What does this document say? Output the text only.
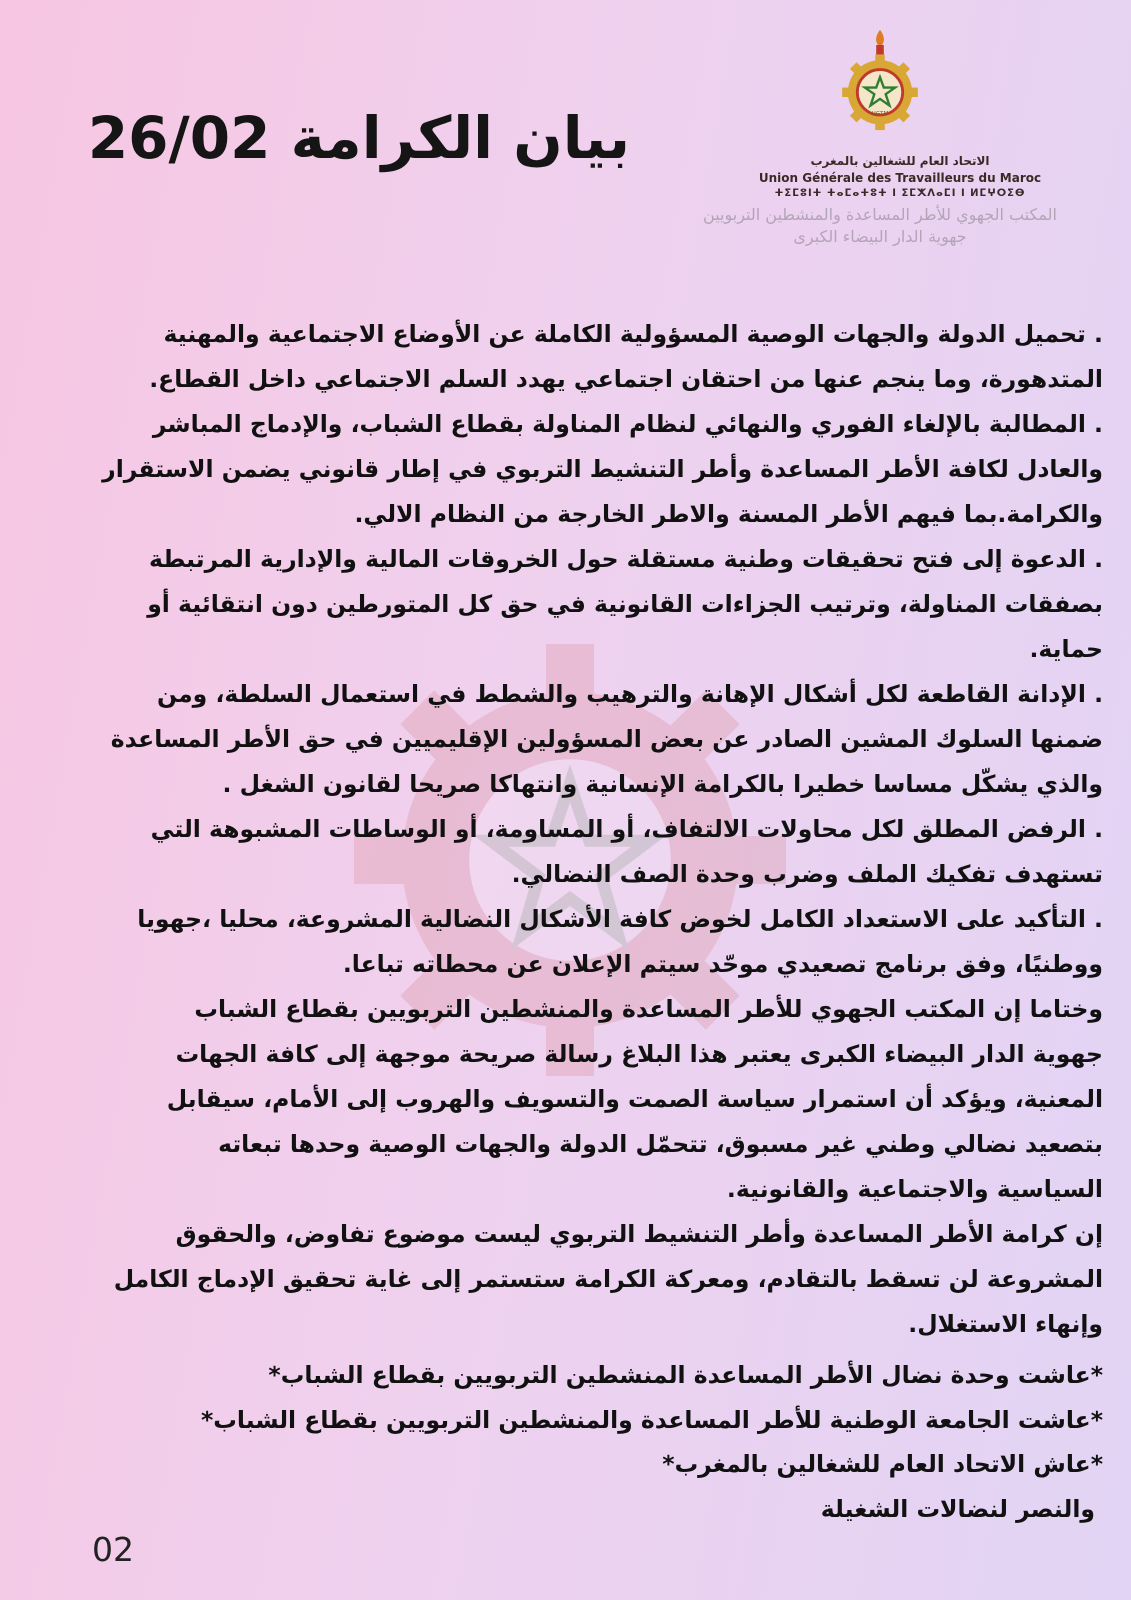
بيان الكرامة 26/02	UGTM
الاتحاد العام للشغالين بالمغرب
Union Générale des Travailleurs du Maroc
ⵜⵉⵎⵓⵏⵜ ⵜⴰⵎⴰⵜⵓⵜ ⵏ ⵉⵎⵅⴷⴰⵎⵏ ⵏ ⵍⵎⵖⵔⵉⴱ
المكتب الجهوي للأطر المساعدة والمنشطين التربويين
جهوية الدار البيضاء الكبرى

. تحميل الدولة والجهات الوصية المسؤولية الكاملة عن الأوضاع الاجتماعية والمهنية
المتدهورة، وما ينجم عنها من احتقان اجتماعي يهدد السلم الاجتماعي داخل القطاع.

. المطالبة بالإلغاء الفوري والنهائي لنظام المناولة بقطاع الشباب، والإدماج المباشر
والعادل لكافة الأطر المساعدة وأطر التنشيط التربوي في إطار قانوني يضمن الاستقرار
والكرامة.بما فيهم الأطر المسنة والاطر الخارجة من النظام الالي.

. الدعوة إلى فتح تحقيقات وطنية مستقلة حول الخروقات المالية والإدارية المرتبطة
بصفقات المناولة، وترتيب الجزاءات القانونية في حق كل المتورطين دون انتقائية أو
حماية.

. الإدانة القاطعة لكل أشكال الإهانة والترهيب والشطط في استعمال السلطة، ومن
ضمنها السلوك المشين الصادر عن بعض المسؤولين الإقليميين في حق الأطر المساعدة
والذي يشكّل مساسا خطيرا بالكرامة الإنسانية وانتهاكا صريحا لقانون الشغل .

. الرفض المطلق لكل محاولات الالتفاف، أو المساومة، أو الوساطات المشبوهة التي
تستهدف تفكيك الملف وضرب وحدة الصف النضالي.

. التأكيد على الاستعداد الكامل لخوض كافة الأشكال النضالية المشروعة، محليا ،جهويا
ووطنيًا، وفق برنامج تصعيدي موحّد سيتم الإعلان عن محطاته تباعا.

وختاما إن المكتب الجهوي للأطر المساعدة والمنشطين التربويين بقطاع الشباب
جهوية الدار البيضاء الكبرى يعتبر هذا البلاغ رسالة صريحة موجهة إلى كافة الجهات
المعنية، ويؤكد أن استمرار سياسة الصمت والتسويف والهروب إلى الأمام، سيقابل
بتصعيد نضالي وطني غير مسبوق، تتحمّل الدولة والجهات الوصية وحدها تبعاته
السياسية والاجتماعية والقانونية.

إن كرامة الأطر المساعدة وأطر التنشيط التربوي ليست موضوع تفاوض، والحقوق
المشروعة لن تسقط بالتقادم، ومعركة الكرامة ستستمر إلى غاية تحقيق الإدماج الكامل
وإنهاء الاستغلال.

*عاشت وحدة نضال الأطر المساعدة المنشطين التربويين بقطاع الشباب*
*عاشت الجامعة الوطنية للأطر المساعدة والمنشطين التربويين بقطاع الشباب*
*عاش الاتحاد العام للشغالين بالمغرب*
والنصر لنضالات الشغيلة
02
